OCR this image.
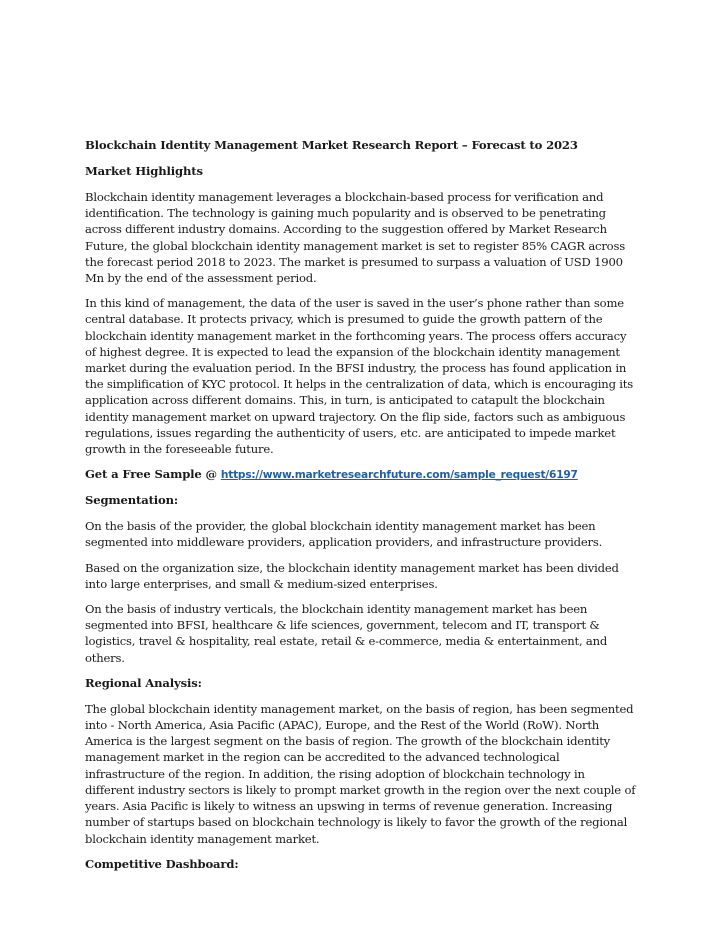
Blockchain Identity Management Market Research Report – Forecast to 2023

Market Highlights

Blockchain identity management leverages a blockchain-based process for verification and identification. The technology is gaining much popularity and is observed to be penetrating across different industry domains. According to the suggestion offered by Market Research Future, the global blockchain identity management market is set to register 85% CAGR across the forecast period 2018 to 2023. The market is presumed to surpass a valuation of USD 1900 Mn by the end of the assessment period.

In this kind of management, the data of the user is saved in the user’s phone rather than some central database. It protects privacy, which is presumed to guide the growth pattern of the blockchain identity management market in the forthcoming years. The process offers accuracy of highest degree. It is expected to lead the expansion of the blockchain identity management market during the evaluation period. In the BFSI industry, the process has found application in the simplification of KYC protocol. It helps in the centralization of data, which is encouraging its application across different domains. This, in turn, is anticipated to catapult the blockchain identity management market on upward trajectory. On the flip side, factors such as ambiguous regulations, issues regarding the authenticity of users, etc. are anticipated to impede market growth in the foreseeable future.

Get a Free Sample @ https://www.marketresearchfuture.com/sample_request/6197

Segmentation:

On the basis of the provider, the global blockchain identity management market has been segmented into middleware providers, application providers, and infrastructure providers.

Based on the organization size, the blockchain identity management market has been divided into large enterprises, and small & medium-sized enterprises.

On the basis of industry verticals, the blockchain identity management market has been segmented into BFSI, healthcare & life sciences, government, telecom and IT, transport & logistics, travel & hospitality, real estate, retail & e-commerce, media & entertainment, and others.

Regional Analysis:

The global blockchain identity management market, on the basis of region, has been segmented into - North America, Asia Pacific (APAC), Europe, and the Rest of the World (RoW). North America is the largest segment on the basis of region. The growth of the blockchain identity management market in the region can be accredited to the advanced technological infrastructure of the region. In addition, the rising adoption of blockchain technology in different industry sectors is likely to prompt market growth in the region over the next couple of years. Asia Pacific is likely to witness an upswing in terms of revenue generation. Increasing number of startups based on blockchain technology is likely to favor the growth of the regional blockchain identity management market.

Competitive Dashboard:
